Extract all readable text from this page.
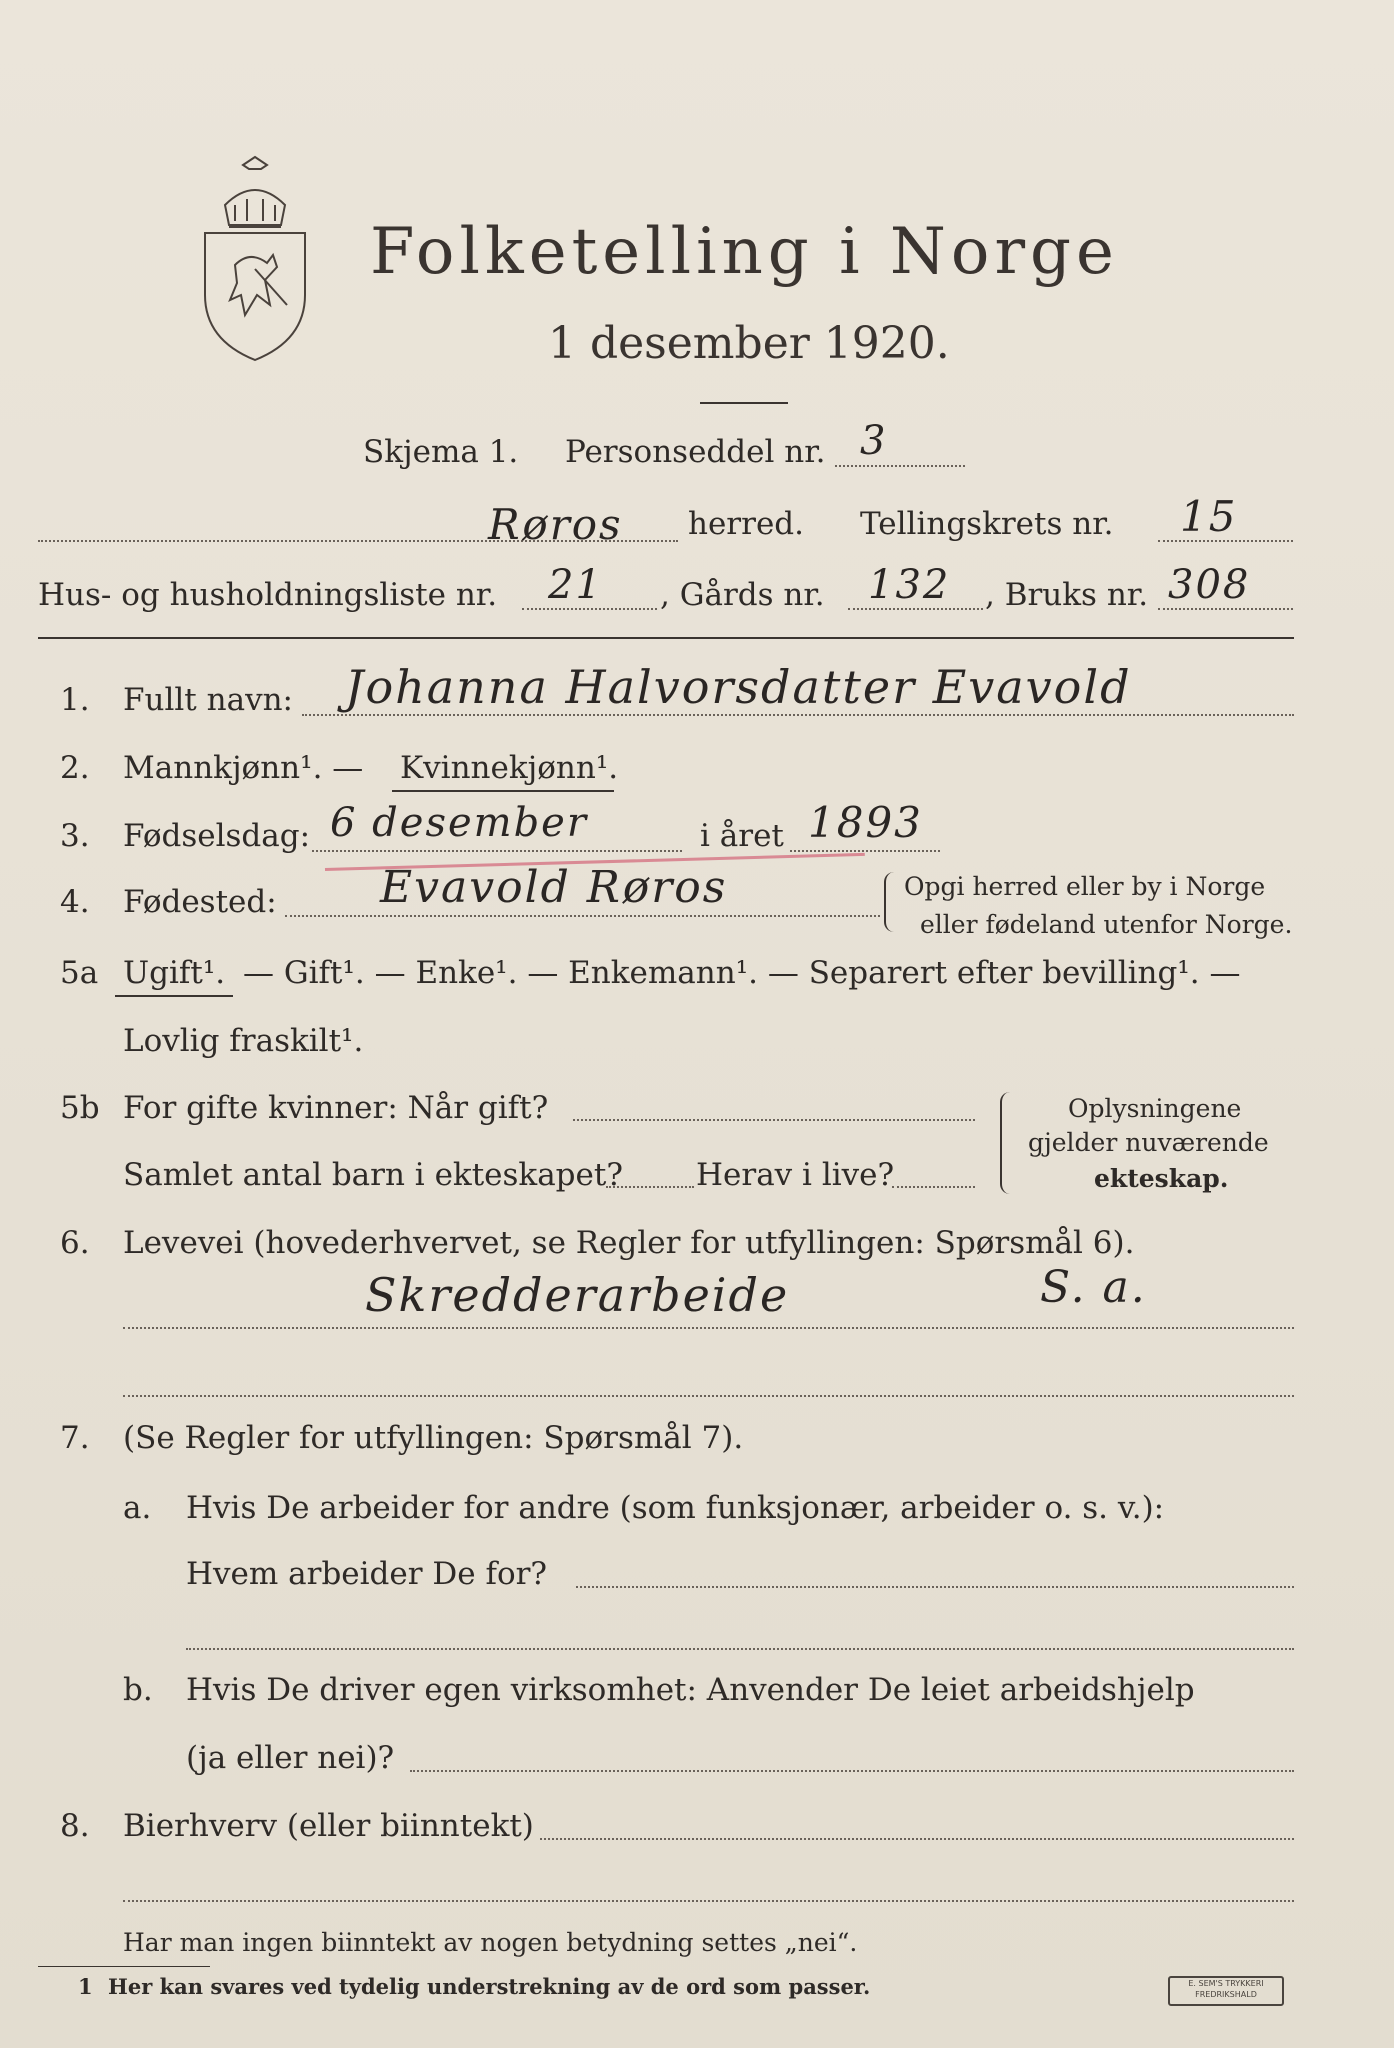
Folketelling i Norge
1 desember 1920.
Skjema 1. Personseddel nr. 3
Røros herred. Tellingskrets nr. 15
Hus- og husholdningsliste nr. 21 , Gårds nr. 132 , Bruks nr. 308
1. Fullt navn: Johanna Halvorsdatter Evavold
2. Mannkjønn¹. — Kvinnekjønn¹.
3. Fødselsdag: 6 desember	i året 1893
4. Fødested: Evavold Røros	Opgi herred eller by i Norge
eller fødeland utenfor Norge.
5a Ugift¹. — Gift¹. — Enke¹. — Enkemann¹. — Separert efter bevilling¹. —
Lovlig fraskilt¹.
5b For gifte kvinner: Når gift?
Samlet antal barn i ekteskapet? Herav i live?
Oplysningene
gjelder nuværende
ekteskap.
6. Levevei (hovederhvervet, se Regler for utfyllingen: Spørsmål 6).
Skredderarbeide	S. a.
7. (Se Regler for utfyllingen: Spørsmål 7).
a. Hvis De arbeider for andre (som funksjonær, arbeider o. s. v.):
Hvem arbeider De for?
b. Hvis De driver egen virksomhet: Anvender De leiet arbeidshjelp
(ja eller nei)?
8. Bierhverv (eller biinntekt)
Har man ingen biinntekt av nogen betydning settes „nei“.
1 Her kan svares ved tydelig understrekning av de ord som passer.	E. SEM'S TRYKKERI
FREDRIKSHALD
